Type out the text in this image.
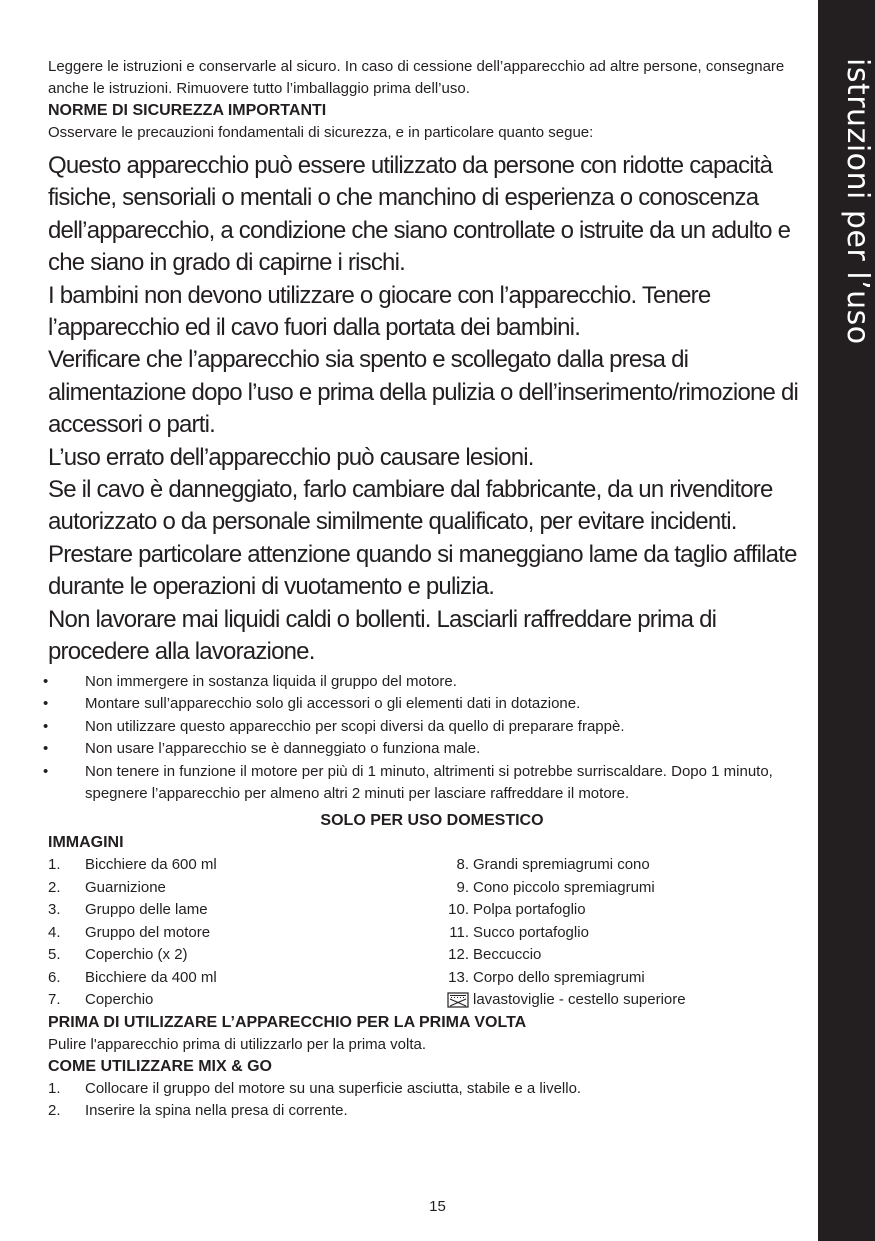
istruzioni per l’uso

Leggere le istruzioni e conservarle al sicuro. In caso di cessione dell’apparecchio ad altre persone, consegnare anche le istruzioni. Rimuovere tutto l’imballaggio prima dell’uso.

NORME DI SICUREZZA IMPORTANTI

Osservare le precauzioni fondamentali di sicurezza, e in particolare quanto segue:

Questo apparecchio può essere utilizzato da persone con ridotte capacità fisiche, sensoriali o mentali o che manchino di esperienza o conoscenza dell’apparecchio, a condizione che siano controllate o istruite da un adulto e che siano in grado di capirne i rischi.

I bambini non devono utilizzare o giocare con l’apparecchio. Tenere l’apparecchio ed il cavo fuori dalla portata dei bambini.

Verificare che l’apparecchio sia spento e scollegato dalla presa di alimentazione dopo l’uso e prima della pulizia o dell’inserimento/rimozione di accessori o parti.

L’uso errato dell’apparecchio può causare lesioni.

Se il cavo è danneggiato, farlo cambiare dal fabbricante, da un rivenditore autorizzato o da personale similmente qualificato, per evitare incidenti.

Prestare particolare attenzione quando si maneggiano lame da taglio affilate durante le operazioni di vuotamento e pulizia.

Non lavorare mai liquidi caldi o bollenti. Lasciarli raffreddare prima di procedere alla lavorazione.

• Non immergere in sostanza liquida il gruppo del motore.
• Montare sull’apparecchio solo gli accessori o gli elementi dati in dotazione.
• Non utilizzare questo apparecchio per scopi diversi da quello di preparare frappè.
• Non usare l’apparecchio se è danneggiato o funziona male.
• Non tenere in funzione il motore per più di 1 minuto, altrimenti si potrebbe surriscaldare. Dopo 1 minuto, spegnere l’apparecchio per almeno altri 2 minuti per lasciare raffreddare il motore.

SOLO PER USO DOMESTICO

IMMAGINI

1.	Bicchiere da 600 ml
2.	Guarnizione
3.	Gruppo delle lame
4.	Gruppo del motore
5.	Coperchio (x 2)
6.	Bicchiere da 400 ml
7.	Coperchio
8. Grandi spremiagrumi cono
9. Cono piccolo spremiagrumi
10. Polpa portafoglio
11. Succo portafoglio
12. Beccuccio
13. Corpo dello spremiagrumi
lavastoviglie - cestello superiore

PRIMA DI UTILIZZARE L’APPARECCHIO PER LA PRIMA VOLTA

Pulire l'apparecchio prima di utilizzarlo per la prima volta.

COME UTILIZZARE MIX & GO

1.	Collocare il gruppo del motore su una superficie asciutta, stabile e a livello.
2.	Inserire la spina nella presa di corrente.
15
